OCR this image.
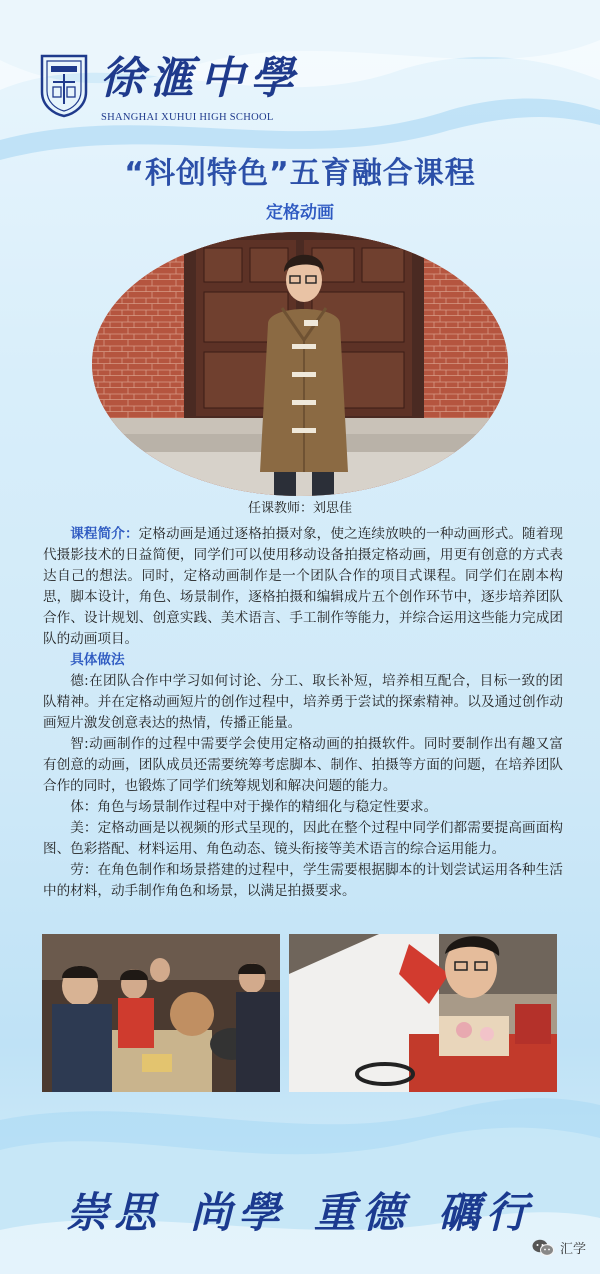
徐滙中學
SHANGHAI XUHUI HIGH SCHOOL
“科创特色”五育融合课程
定格动画
任课教师：刘思佳

课程简介：定格动画是通过逐格拍摄对象，使之连续放映的一种动画形式。随着现代摄影技术的日益简便，同学们可以使用移动设备拍摄定格动画，用更有创意的方式表达自己的想法。同时，定格动画制作是一个团队合作的项目式课程。同学们在剧本构思，脚本设计，角色、场景制作，逐格拍摄和编辑成片五个创作环节中，逐步培养团队合作、设计规划、创意实践、美术语言、手工制作等能力，并综合运用这些能力完成团队的动画项目。

具体做法

德:在团队合作中学习如何讨论、分工、取长补短，培养相互配合，目标一致的团队精神。并在定格动画短片的创作过程中，培养勇于尝试的探索精神。以及通过创作动画短片激发创意表达的热情，传播正能量。

智:动画制作的过程中需要学会使用定格动画的拍摄软件。同时要制作出有趣又富有创意的动画，团队成员还需要统筹考虑脚本、制作、拍摄等方面的问题，在培养团队合作的同时，也锻炼了同学们统筹规划和解决问题的能力。

体：角色与场景制作过程中对于操作的精细化与稳定性要求。

美：定格动画是以视频的形式呈现的，因此在整个过程中同学们都需要提高画面构图、色彩搭配、材料运用、角色动态、镜头衔接等美术语言的综合运用能力。

劳：在角色制作和场景搭建的过程中，学生需要根据脚本的计划尝试运用各种生活中的材料，动手制作角色和场景，以满足拍摄要求。

崇思 尚學 重德 礪行
汇学
